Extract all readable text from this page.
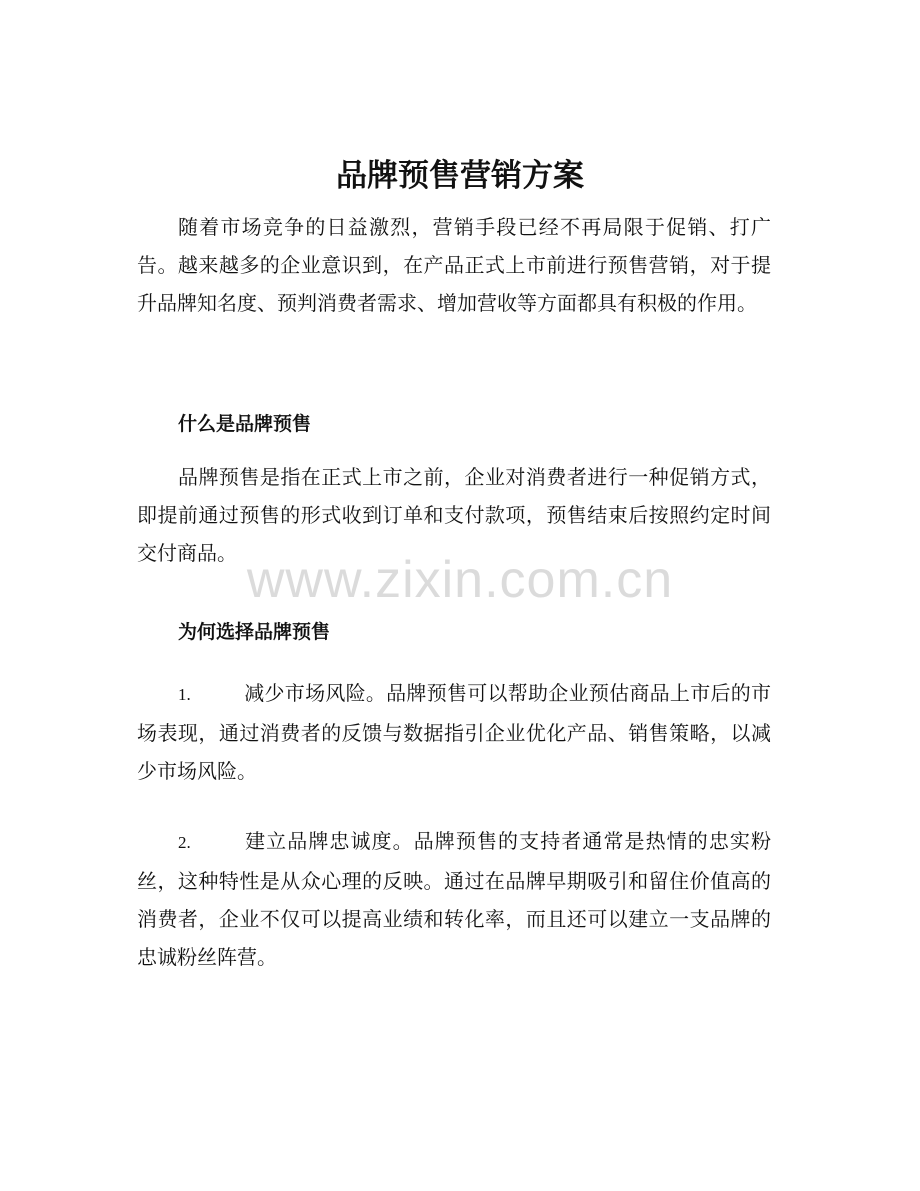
品牌预售营销方案

随着市场竞争的日益激烈，营销手段已经不再局限于促销、打广告。越来越多的企业意识到，在产品正式上市前进行预售营销，对于提升品牌知名度、预判消费者需求、增加营收等方面都具有积极的作用。

什么是品牌预售

品牌预售是指在正式上市之前，企业对消费者进行一种促销方式，即提前通过预售的形式收到订单和支付款项，预售结束后按照约定时间交付商品。

为何选择品牌预售

1.	减少市场风险。品牌预售可以帮助企业预估商品上市后的市场表现，通过消费者的反馈与数据指引企业优化产品、销售策略，以减少市场风险。

2.	建立品牌忠诚度。品牌预售的支持者通常是热情的忠实粉丝，这种特性是从众心理的反映。通过在品牌早期吸引和留住价值高的消费者，企业不仅可以提高业绩和转化率，而且还可以建立一支品牌的忠诚粉丝阵营。

www.zixin.com.cn
